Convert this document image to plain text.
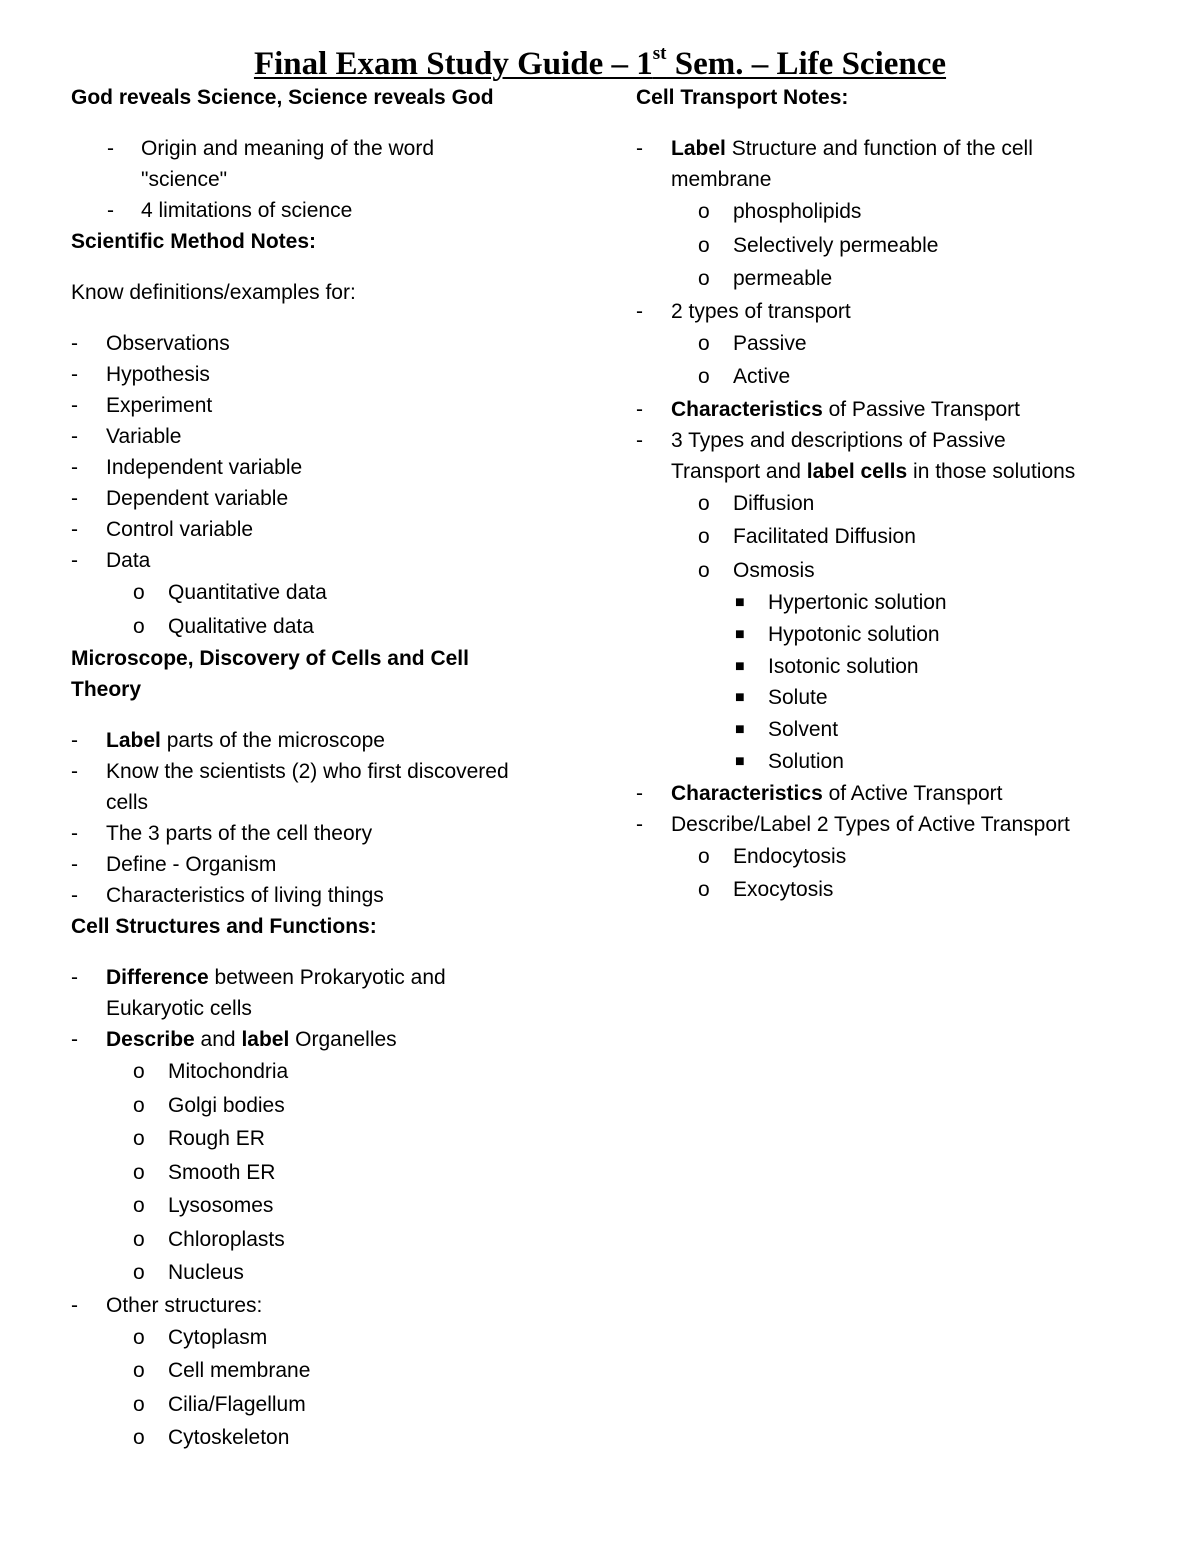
Final Exam Study Guide – 1st Sem. – Life Science

God reveals Science, Science reveals God

-	Origin and meaning of the word
"science"
-	4 limitations of science

Scientific Method Notes:

Know definitions/examples for:

-	Observations
-	Hypothesis
-	Experiment
-	Variable
-	Independent variable
-	Dependent variable
-	Control variable
-	Data
o	Quantitative data
o	Qualitative data

Microscope, Discovery of Cells and Cell
Theory

-	Label parts of the microscope
-	Know the scientists (2) who first discovered
cells
-	The 3 parts of the cell theory
-	Define - Organism
-	Characteristics of living things

Cell Structures and Functions:

-	Difference between Prokaryotic and
Eukaryotic cells
-	Describe and label Organelles
o	Mitochondria
o	Golgi bodies
o	Rough ER
o	Smooth ER
o	Lysosomes
o	Chloroplasts
o	Nucleus
-	Other structures:
o	Cytoplasm
o	Cell membrane
o	Cilia/Flagellum
o	Cytoskeleton

Cell Transport Notes:

-	Label Structure and function of the cell
membrane
o	phospholipids
o	Selectively permeable
o	permeable
-	2 types of transport
o	Passive
o	Active
-	Characteristics of Passive Transport
-	3 Types and descriptions of Passive
Transport and label cells in those solutions
o	Diffusion
o	Facilitated Diffusion
o	Osmosis
■	Hypertonic solution
■	Hypotonic solution
■	Isotonic solution
■	Solute
■	Solvent
■	Solution
-	Characteristics of Active Transport
-	Describe/Label 2 Types of Active Transport
o	Endocytosis
o	Exocytosis
